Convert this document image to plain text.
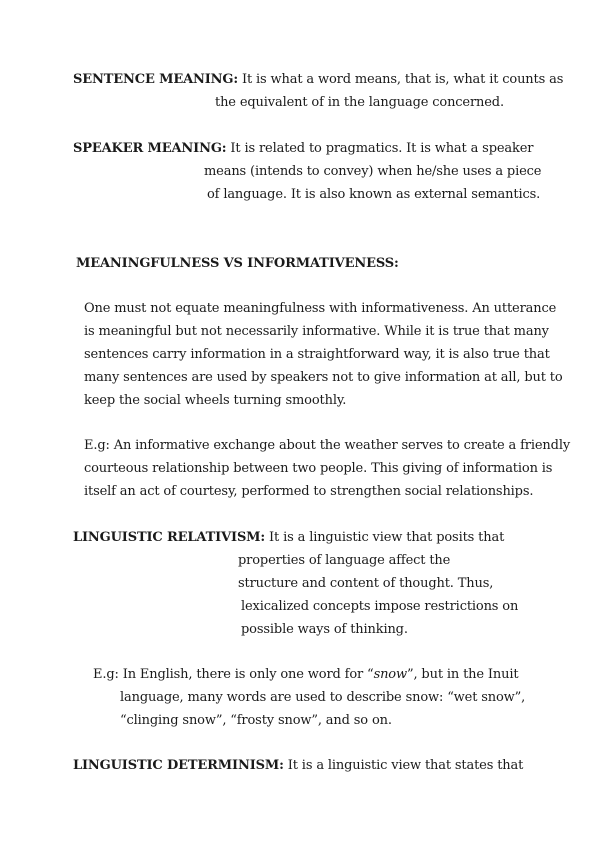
SENTENCE MEANING: It is what a word means, that is, what it counts as
the equivalent of in the language concerned.
SPEAKER MEANING: It is related to pragmatics. It is what a speaker
means (intends to convey) when he/she uses a piece
of language. It is also known as external semantics.
MEANINGFULNESS VS INFORMATIVENESS:
One must not equate meaningfulness with informativeness. An utterance
is meaningful but not necessarily informative. While it is true that many
sentences carry information in a straightforward way, it is also true that
many sentences are used by speakers not to give information at all, but to
keep the social wheels turning smoothly.
E.g: An informative exchange about the weather serves to create a friendly
courteous relationship between two people. This giving of information is
itself an act of courtesy, performed to strengthen social relationships.
LINGUISTIC RELATIVISM: It is a linguistic view that posits that
properties of language affect the
structure and content of thought. Thus,
lexicalized concepts impose restrictions on
possible ways of thinking.
E.g: In English, there is only one word for “snow”, but in the Inuit
language, many words are used to describe snow: “wet snow”,
“clinging snow”, “frosty snow”, and so on.
LINGUISTIC DETERMINISM: It is a linguistic view that states that
